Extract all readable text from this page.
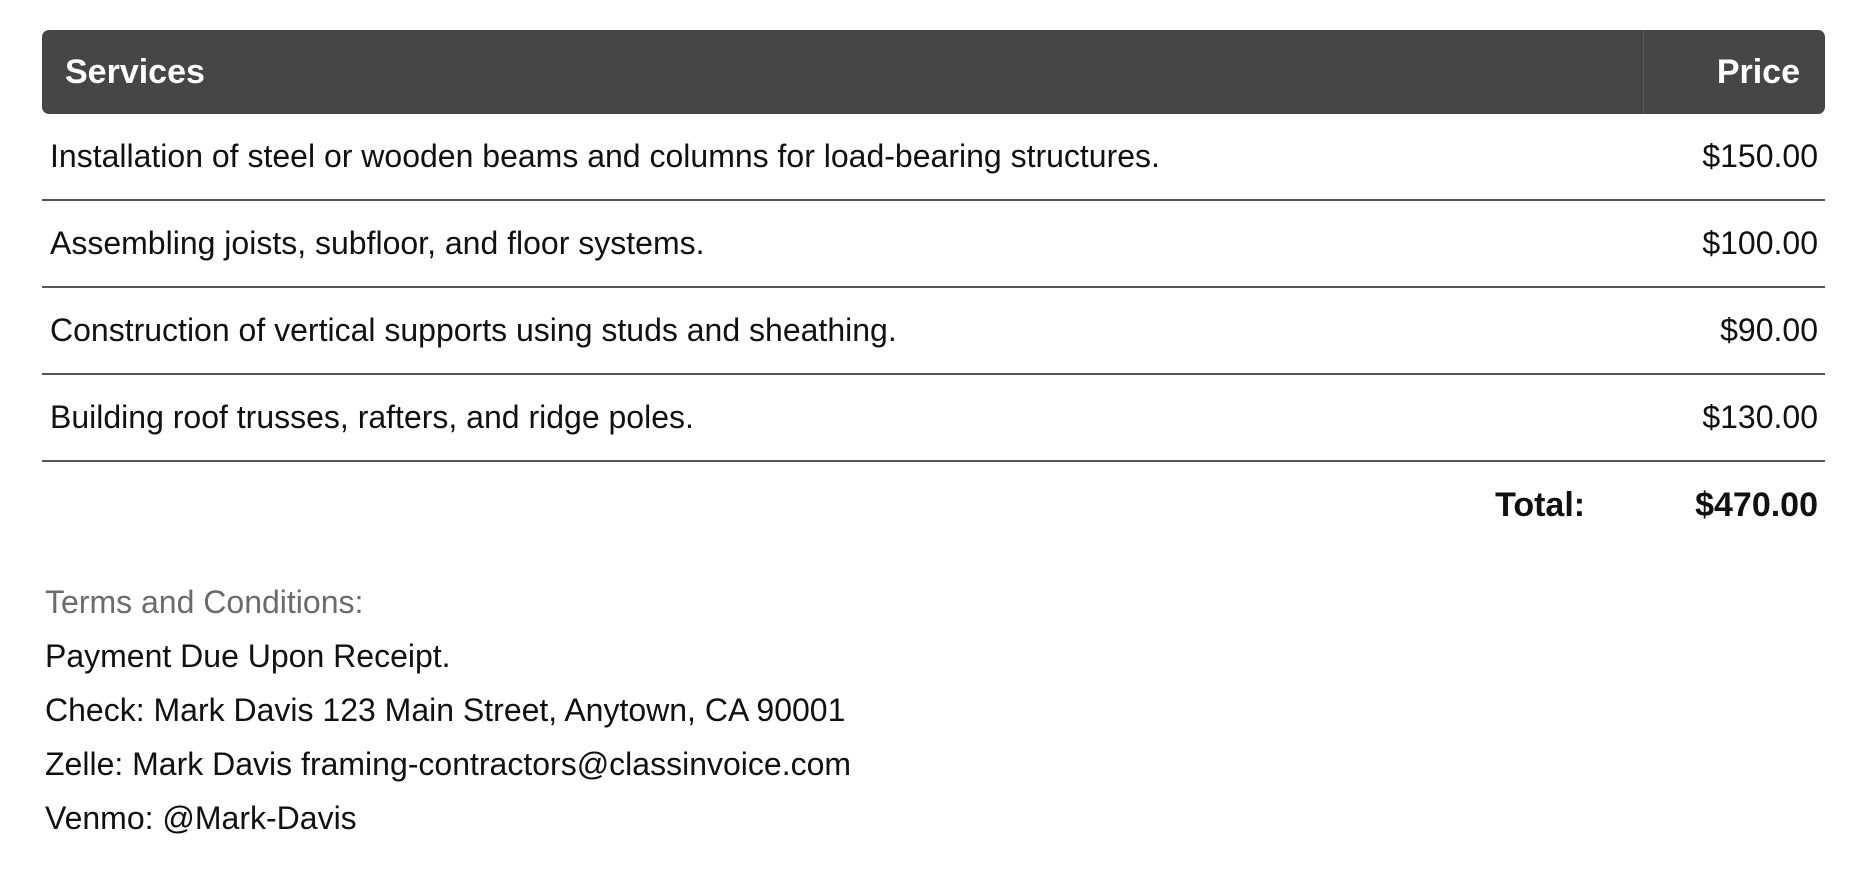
Services	Price
Installation of steel or wooden beams and columns for load-bearing structures.	$150.00
Assembling joists, subfloor, and floor systems.	$100.00
Construction of vertical supports using studs and sheathing.	$90.00
Building roof trusses, rafters, and ridge poles.	$130.00
Total:	$470.00
Terms and Conditions:
Payment Due Upon Receipt.
Check: Mark Davis 123 Main Street, Anytown, CA 90001
Zelle: Mark Davis framing-contractors@classinvoice.com
Venmo: @Mark-Davis
